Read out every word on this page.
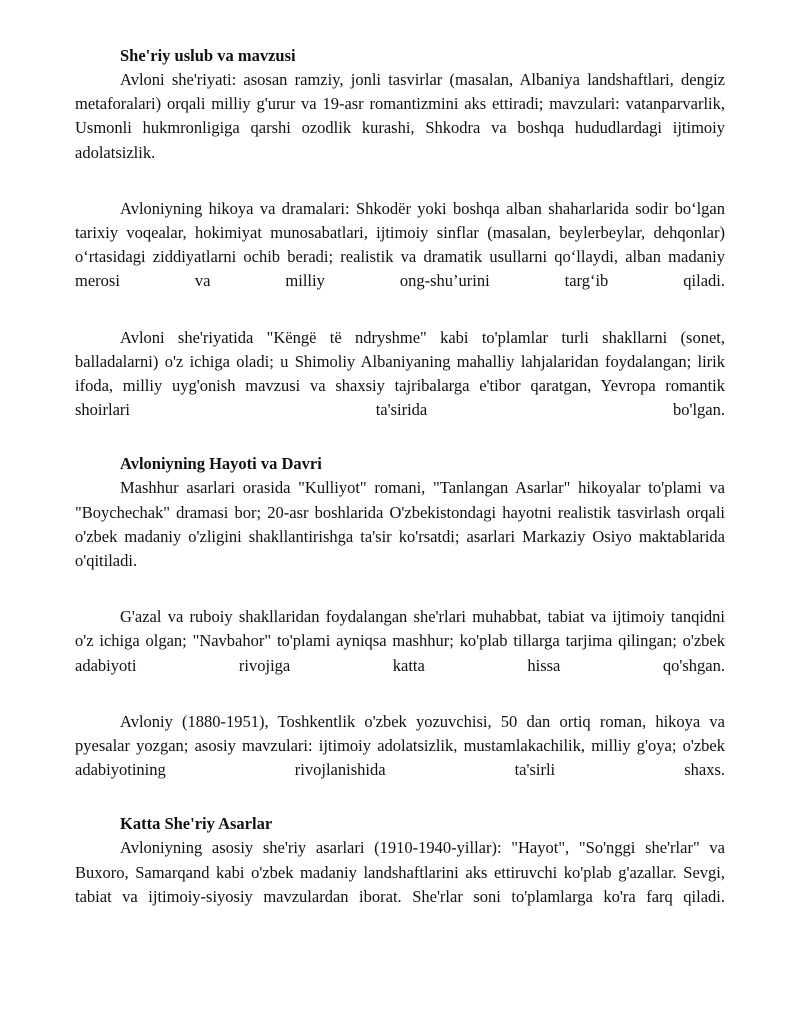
She'riy uslub va mavzusi

Avloni she'riyati: asosan ramziy, jonli tasvirlar (masalan, Albaniya landshaftlari, dengiz metaforalari) orqali milliy g'urur va 19-asr romantizmini aks ettiradi; mavzulari: vatanparvarlik, Usmonli hukmronligiga qarshi ozodlik kurashi, Shkodra va boshqa hududlardagi ijtimoiy adolatsizlik.

Avloniyning hikoya va dramalari: Shkodër yoki boshqa alban shaharlarida sodir bo‘lgan tarixiy voqealar, hokimiyat munosabatlari, ijtimoiy sinflar (masalan, beylerbeylar, dehqonlar) o‘rtasidagi ziddiyatlarni ochib beradi; realistik va dramatik usullarni qo‘llaydi, alban madaniy merosi va milliy ong-shu’urini targ‘ib qiladi.

Avloni she'riyatida "Këngë të ndryshme" kabi to'plamlar turli shakllarni (sonet, balladalarni) o'z ichiga oladi; u Shimoliy Albaniyaning mahalliy lahjalaridan foydalangan; lirik ifoda, milliy uyg'onish mavzusi va shaxsiy tajribalarga e'tibor qaratgan, Yevropa romantik shoirlari ta'sirida bo'lgan.

Avloniyning Hayoti va Davri

Mashhur asarlari orasida "Kulliyot" romani, "Tanlangan Asarlar" hikoyalar to'plami va "Boychechak" dramasi bor; 20-asr boshlarida O'zbekistondagi hayotni realistik tasvirlash orqali o'zbek madaniy o'zligini shakllantirishga ta'sir ko'rsatdi; asarlari Markaziy Osiyo maktablarida o'qitiladi.

G'azal va ruboiy shakllaridan foydalangan she'rlari muhabbat, tabiat va ijtimoiy tanqidni o'z ichiga olgan; "Navbahor" to'plami ayniqsa mashhur; ko'plab tillarga tarjima qilingan; o'zbek adabiyoti rivojiga katta hissa qo'shgan.

Avloniy (1880-1951), Toshkentlik o'zbek yozuvchisi, 50 dan ortiq roman, hikoya va pyesalar yozgan; asosiy mavzulari: ijtimoiy adolatsizlik, mustamlakachilik, milliy g'oya; o'zbek adabiyotining rivojlanishida ta'sirli shaxs.

Katta She'riy Asarlar

Avloniyning asosiy she'riy asarlari (1910-1940-yillar): "Hayot", "So'nggi she'rlar" va Buxoro, Samarqand kabi o'zbek madaniy landshaftlarini aks ettiruvchi ko'plab g'azallar. Sevgi, tabiat va ijtimoiy-siyosiy mavzulardan iborat. She'rlar soni to'plamlarga ko'ra farq qiladi.
